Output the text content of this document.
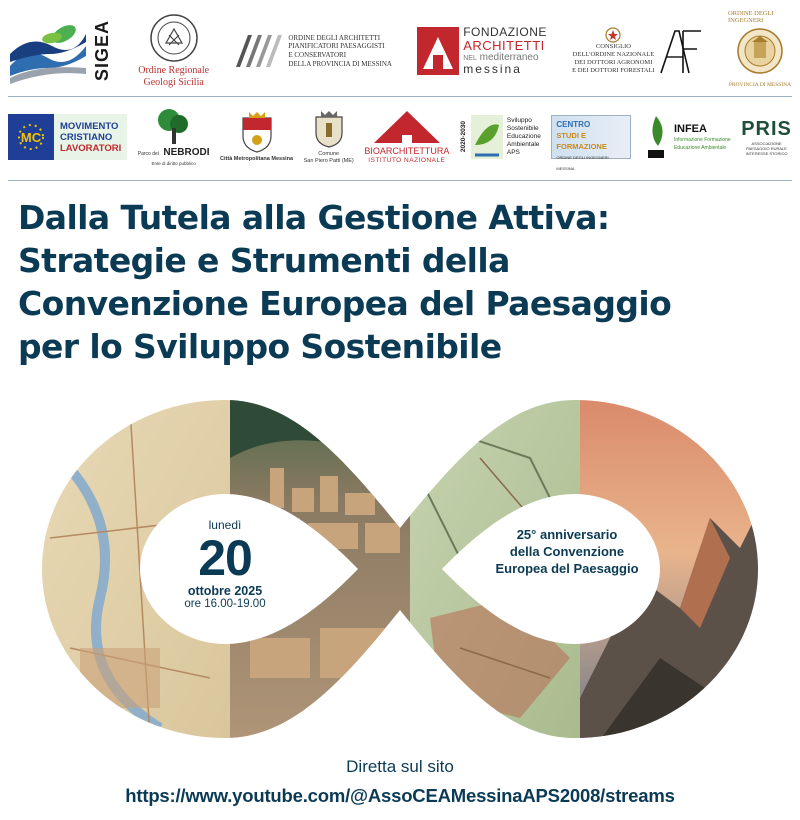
SIGEA	Ordine Regionale
Geologi Sicilia
ORDINE DEGLI ARCHITETTI
PIANIFICATORI PAESAGGISTI
E CONSERVATORI
DELLA PROVINCIA DI MESSINA
FONDAZIONE
ARCHITETTI
NEL mediterraneo
messina
CONSIGLIO
DELL'ORDINE NAZIONALE
DEI DOTTORI AGRONOMI
E DEI DOTTORI FORESTALI
ORDINE DEGLI INGEGNERI
PROVINCIA DI MESSINA
MC
MOVIMENTO
CRISTIANO
LAVORATORI
Parco dei NEBRODI
Ente di diritto pubblico
Città Metropolitana Messina
Comune
San Piero Patti (ME)
BIOARCHITETTURA
ISTITUTO NAZIONALE
2020-2030
Sviluppo
Sostenibile
Educazione
Ambientale
APS
CENTRO
STUDI E FORMAZIONE
ORDINE DEGLI INGEGNERI MESSINA
INFEA
Informazione Formazione
Educazione Ambientale
PRIS
ASSOCIAZIONE
PAESAGGIO RURALE
INTERESSE STORICO
Dalla Tutela alla Gestione Attiva:
Strategie e Strumenti della
Convenzione Europea del Paesaggio
per lo Sviluppo Sostenibile
lunedì
20
ottobre 2025
ore 16.00-19.00
25° anniversario
della Convenzione
Europea del Paesaggio
Diretta sul sito
https://www.youtube.com/@AssoCEAMessinaAPS2008/streams
